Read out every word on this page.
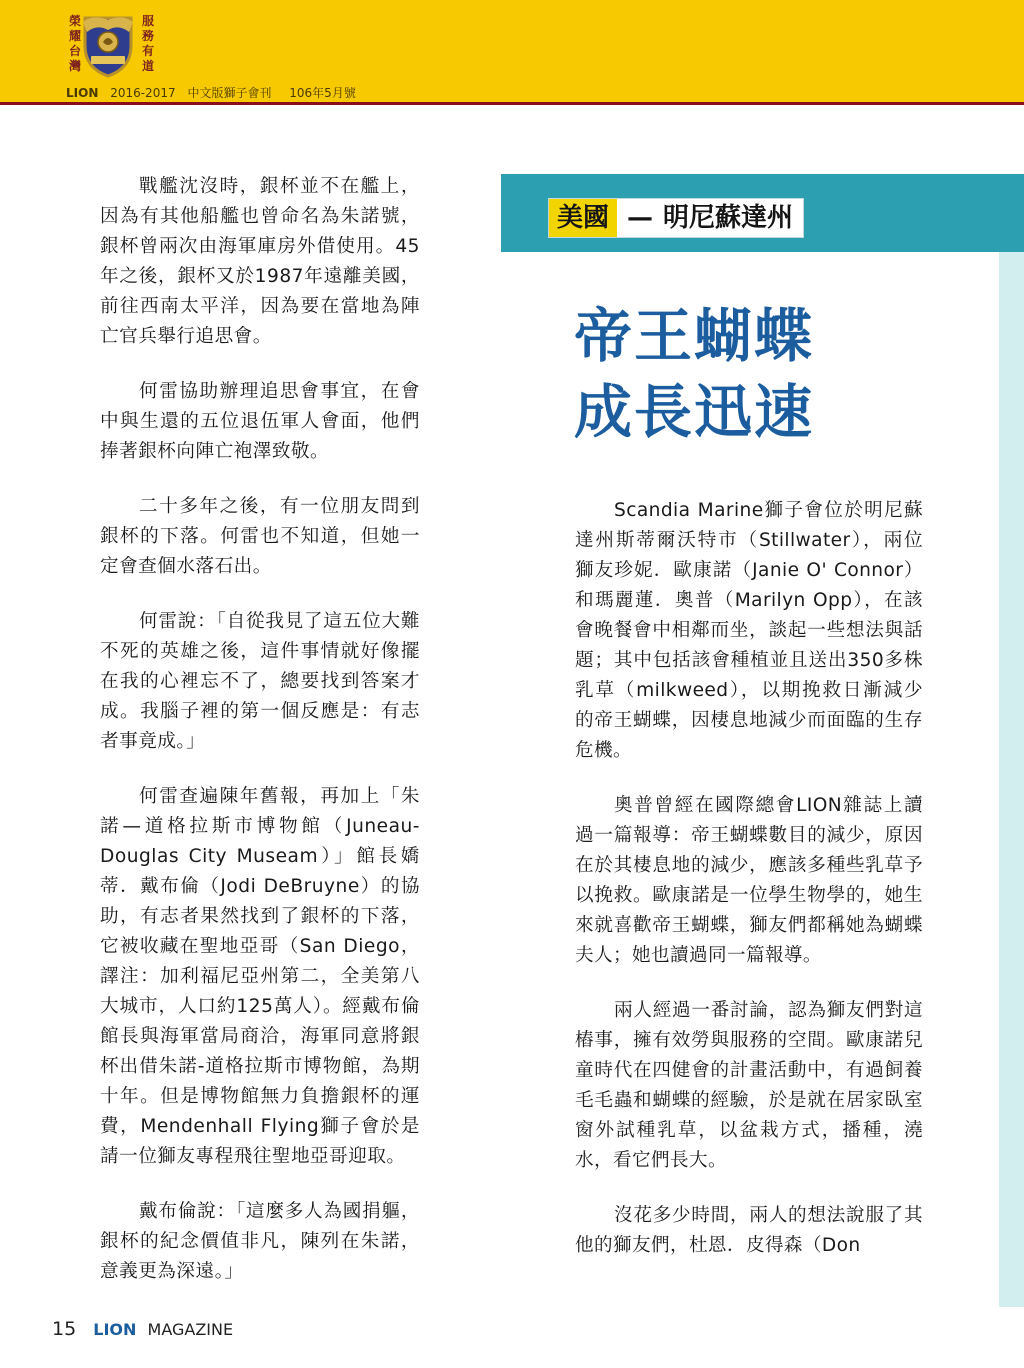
榮
耀
台
灣
服
務
有
道
LION 2016-2017 中文版獅子會刊 106年5月號

戰艦沈沒時，銀杯並不在艦上，因為有其他船艦也曾命名為朱諾號，銀杯曾兩次由海軍庫房外借使用。45年之後，銀杯又於1987年遠離美國，前往西南太平洋，因為要在當地為陣亡官兵舉行追思會。

何雷協助辦理追思會事宜，在會中與生還的五位退伍軍人會面，他們捧著銀杯向陣亡袍澤致敬。

二十多年之後，有一位朋友問到銀杯的下落。何雷也不知道，但她一定會查個水落石出。

何雷說：「自從我見了這五位大難不死的英雄之後，這件事情就好像擺在我的心裡忘不了，總要找到答案才成。我腦子裡的第一個反應是：有志者事竟成。」

何雷查遍陳年舊報，再加上「朱諾—道格拉斯市博物館（Juneau-Douglas City Museam）」館長嬌蒂．戴布倫（Jodi DeBruyne）的協助，有志者果然找到了銀杯的下落，它被收藏在聖地亞哥（San Diego，譯注：加利福尼亞州第二，全美第八大城市，人口約125萬人）。經戴布倫館長與海軍當局商洽，海軍同意將銀杯出借朱諾-道格拉斯市博物館，為期十年。但是博物館無力負擔銀杯的運費，Mendenhall Flying獅子會於是請一位獅友專程飛往聖地亞哥迎取。

戴布倫說：「這麼多人為國捐軀，銀杯的紀念價值非凡，陳列在朱諾，意義更為深遠。」

美國 — 明尼蘇達州
帝王蝴蝶
成長迅速

Scandia Marine獅子會位於明尼蘇達州斯蒂爾沃特市（Stillwater），兩位獅友珍妮．歐康諾（Janie O' Connor）和瑪麗蓮．奧普（Marilyn Opp），在該會晚餐會中相鄰而坐，談起一些想法與話題；其中包括該會種植並且送出350多株乳草（milkweed），以期挽救日漸減少的帝王蝴蝶，因棲息地減少而面臨的生存危機。

奧普曾經在國際總會LION雜誌上讀過一篇報導：帝王蝴蝶數目的減少，原因在於其棲息地的減少，應該多種些乳草予以挽救。歐康諾是一位學生物學的，她生來就喜歡帝王蝴蝶，獅友們都稱她為蝴蝶夫人；她也讀過同一篇報導。

兩人經過一番討論，認為獅友們對這樁事，擁有效勞與服務的空間。歐康諾兒童時代在四健會的計畫活動中，有過飼養毛毛蟲和蝴蝶的經驗，於是就在居家臥室窗外試種乳草，以盆栽方式，播種，澆水，看它們長大。

沒花多少時間，兩人的想法說服了其他的獅友們，杜恩．皮得森（Don

15 LION MAGAZINE
